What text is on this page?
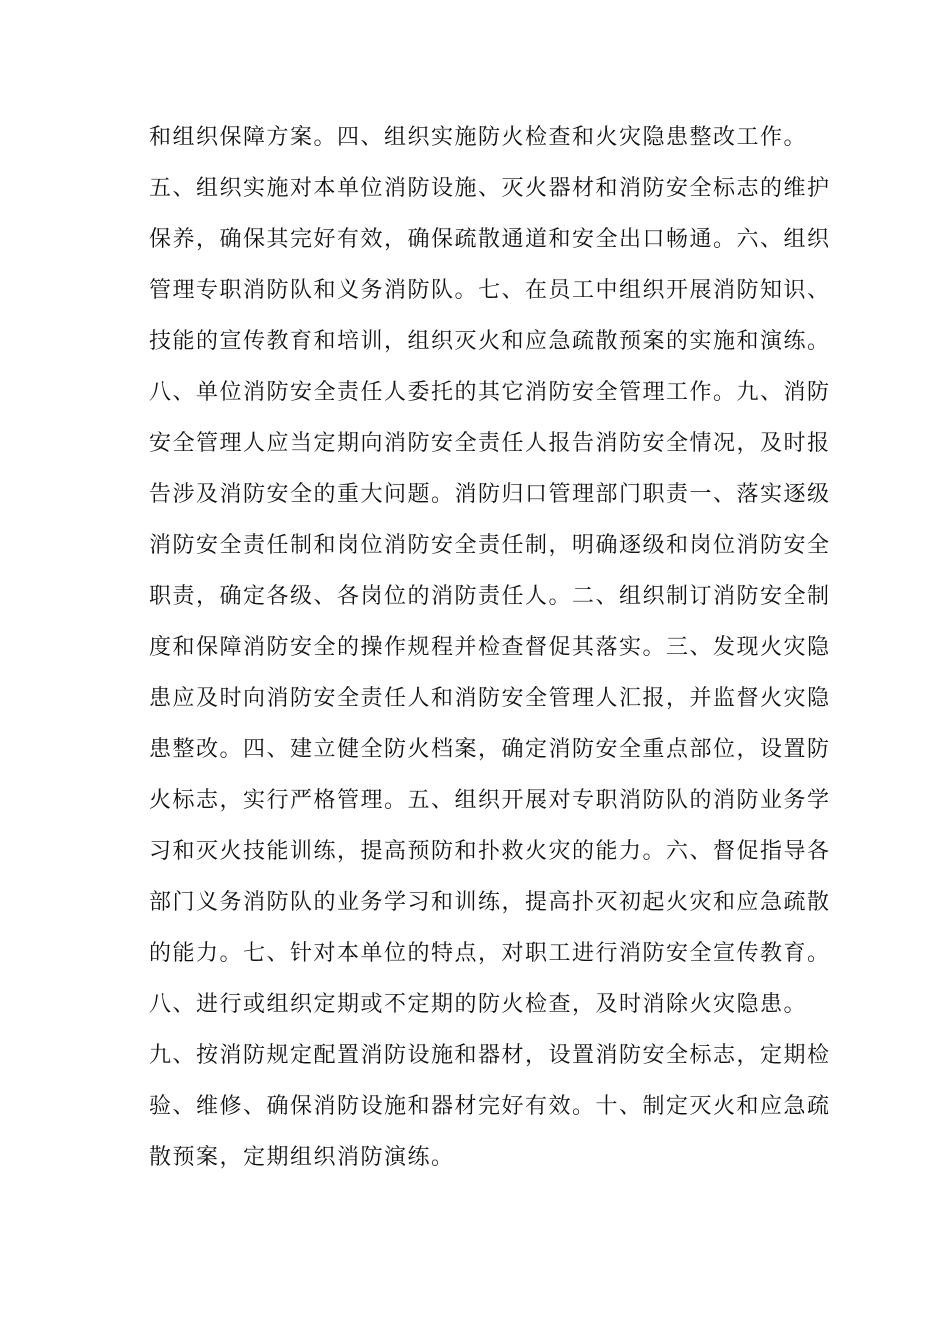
和组织保障方案。四、组织实施防火检查和火灾隐患整改工作。
五、组织实施对本单位消防设施、灭火器材和消防安全标志的维护
保养，确保其完好有效，确保疏散通道和安全出口畅通。六、组织
管理专职消防队和义务消防队。七、在员工中组织开展消防知识、
技能的宣传教育和培训，组织灭火和应急疏散预案的实施和演练。
八、单位消防安全责任人委托的其它消防安全管理工作。九、消防
安全管理人应当定期向消防安全责任人报告消防安全情况，及时报
告涉及消防安全的重大问题。消防归口管理部门职责一、落实逐级
消防安全责任制和岗位消防安全责任制，明确逐级和岗位消防安全
职责，确定各级、各岗位的消防责任人。二、组织制订消防安全制
度和保障消防安全的操作规程并检查督促其落实。三、发现火灾隐
患应及时向消防安全责任人和消防安全管理人汇报，并监督火灾隐
患整改。四、建立健全防火档案，确定消防安全重点部位，设置防
火标志，实行严格管理。五、组织开展对专职消防队的消防业务学
习和灭火技能训练，提高预防和扑救火灾的能力。六、督促指导各
部门义务消防队的业务学习和训练，提高扑灭初起火灾和应急疏散
的能力。七、针对本单位的特点，对职工进行消防安全宣传教育。
八、进行或组织定期或不定期的防火检查，及时消除火灾隐患。
九、按消防规定配置消防设施和器材，设置消防安全标志，定期检
验、维修、确保消防设施和器材完好有效。十、制定灭火和应急疏
散预案，定期组织消防演练。
